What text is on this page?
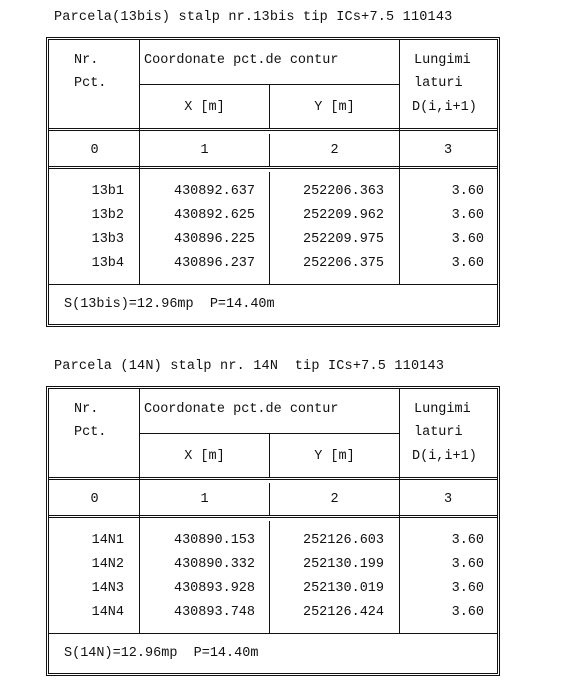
Parcela(13bis) stalp nr.13bis tip ICs+7.5 110143
Nr.
Pct.
Coordonate pct.de contur	Lungimi
laturi
X [m]	Y [m]	D(i,i+1)
0	1	2	3
13b1	430892.637	252206.363	3.60
13b2	430892.625	252209.962	3.60
13b3	430896.225	252209.975	3.60
13b4	430896.237	252206.375	3.60
S(13bis)=12.96mp  P=14.40m
Parcela (14N) stalp nr. 14N  tip ICs+7.5 110143
Nr.
Pct.
Coordonate pct.de contur	Lungimi
laturi
X [m]	Y [m]	D(i,i+1)
0	1	2	3
14N1	430890.153	252126.603	3.60
14N2	430890.332	252130.199	3.60
14N3	430893.928	252130.019	3.60
14N4	430893.748	252126.424	3.60
S(14N)=12.96mp  P=14.40m
